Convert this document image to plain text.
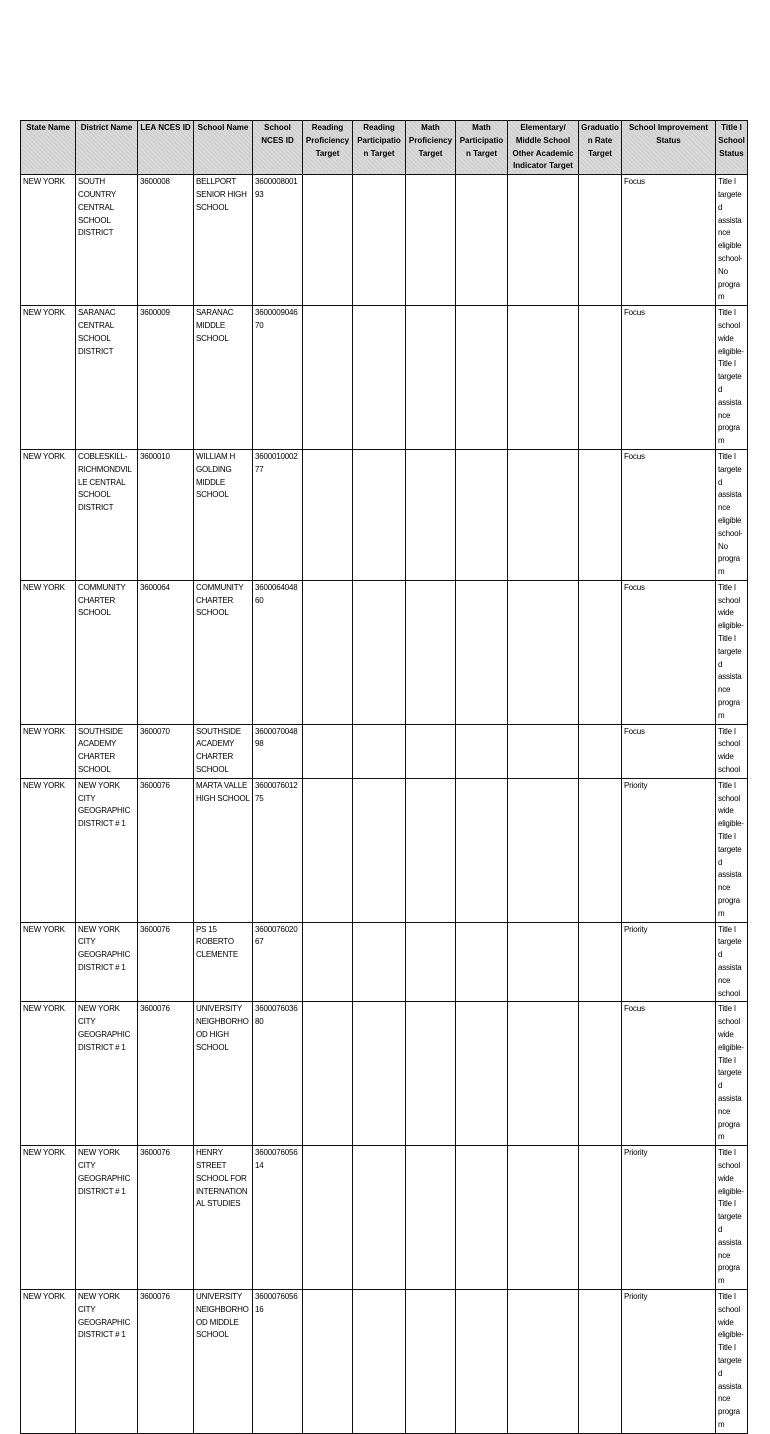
State Name	District Name	LEA NCES ID	School Name	School NCES ID	Reading Proficiency Target	Reading Participation Target	Math Proficiency Target	Math Participation Target	Elementary/ Middle School Other Academic Indicator Target	Graduation Rate Target	School Improvement Status	Title I School Status
NEW YORK	SOUTH COUNTRY CENTRAL SCHOOL DISTRICT	3600008	BELLPORT SENIOR HIGH SCHOOL	360000800193							Focus	Title I targeted assistance eligible school-No program
NEW YORK	SARANAC CENTRAL SCHOOL DISTRICT	3600009	SARANAC MIDDLE SCHOOL	360000904670							Focus	Title I schoolwide eligible-Title I targeted assistance program
NEW YORK	COBLESKILL-RICHMONDVILLE CENTRAL SCHOOL DISTRICT	3600010	WILLIAM H GOLDING MIDDLE SCHOOL	360001000277							Focus	Title I targeted assistance eligible school-No program
NEW YORK	COMMUNITY CHARTER SCHOOL	3600064	COMMUNITY CHARTER SCHOOL	360006404860							Focus	Title I schoolwide eligible-Title I targeted assistance program
NEW YORK	SOUTHSIDE ACADEMY CHARTER SCHOOL	3600070	SOUTHSIDE ACADEMY CHARTER SCHOOL	360007004898							Focus	Title I schoolwide school
NEW YORK	NEW YORK CITY GEOGRAPHIC DISTRICT # 1	3600076	MARTA VALLE HIGH SCHOOL	360007601275							Priority	Title I schoolwide eligible-Title I targeted assistance program
NEW YORK	NEW YORK CITY GEOGRAPHIC DISTRICT # 1	3600076	PS 15 ROBERTO CLEMENTE	360007602067							Priority	Title I targeted assistance school
NEW YORK	NEW YORK CITY GEOGRAPHIC DISTRICT # 1	3600076	UNIVERSITY NEIGHBORHOOD HIGH SCHOOL	360007603680							Focus	Title I schoolwide eligible-Title I targeted assistance program
NEW YORK	NEW YORK CITY GEOGRAPHIC DISTRICT # 1	3600076	HENRY STREET SCHOOL FOR INTERNATIONAL STUDIES	360007605614							Priority	Title I schoolwide eligible-Title I targeted assistance program
NEW YORK	NEW YORK CITY GEOGRAPHIC DISTRICT # 1	3600076	UNIVERSITY NEIGHBORHOOD MIDDLE SCHOOL	360007605616							Priority	Title I schoolwide eligible-Title I targeted assistance program
